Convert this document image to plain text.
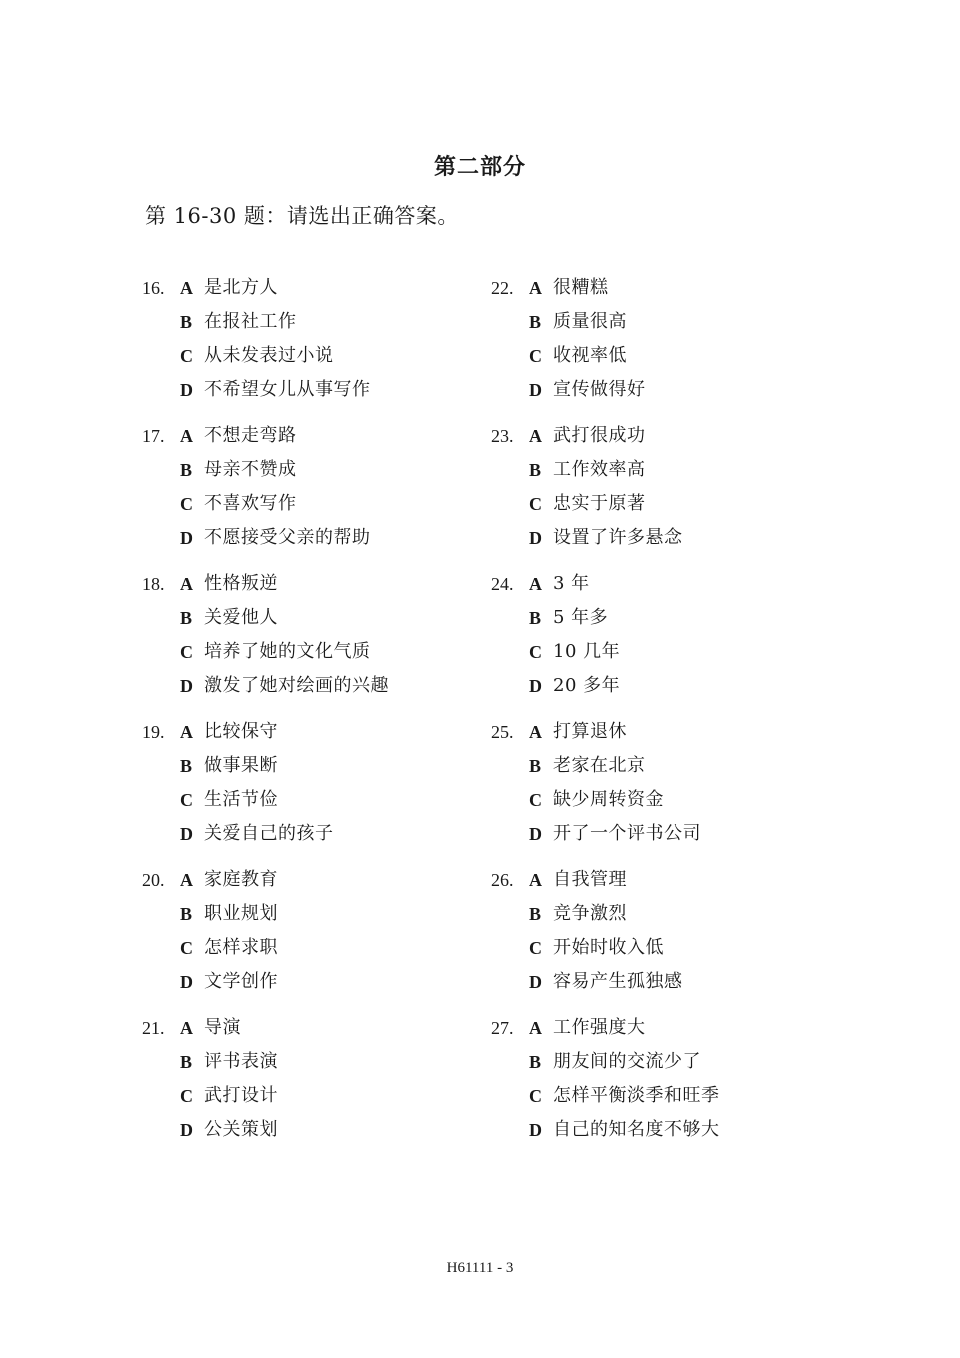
第二部分
第 16-30 题：请选出正确答案。
16. A 是北方人
B 在报社工作
C 从未发表过小说
D 不希望女儿从事写作
17. A 不想走弯路
B 母亲不赞成
C 不喜欢写作
D 不愿接受父亲的帮助
18. A 性格叛逆
B 关爱他人
C 培养了她的文化气质
D 激发了她对绘画的兴趣
19. A 比较保守
B 做事果断
C 生活节俭
D 关爱自己的孩子
20. A 家庭教育
B 职业规划
C 怎样求职
D 文学创作
21. A 导演
B 评书表演
C 武打设计
D 公关策划
22. A 很糟糕
B 质量很高
C 收视率低
D 宣传做得好
23. A 武打很成功
B 工作效率高
C 忠实于原著
D 设置了许多悬念
24. A 3 年
B 5 年多
C 10 几年
D 20 多年
25. A 打算退休
B 老家在北京
C 缺少周转资金
D 开了一个评书公司
26. A 自我管理
B 竞争激烈
C 开始时收入低
D 容易产生孤独感
27. A 工作强度大
B 朋友间的交流少了
C 怎样平衡淡季和旺季
D 自己的知名度不够大
H61111 - 3
